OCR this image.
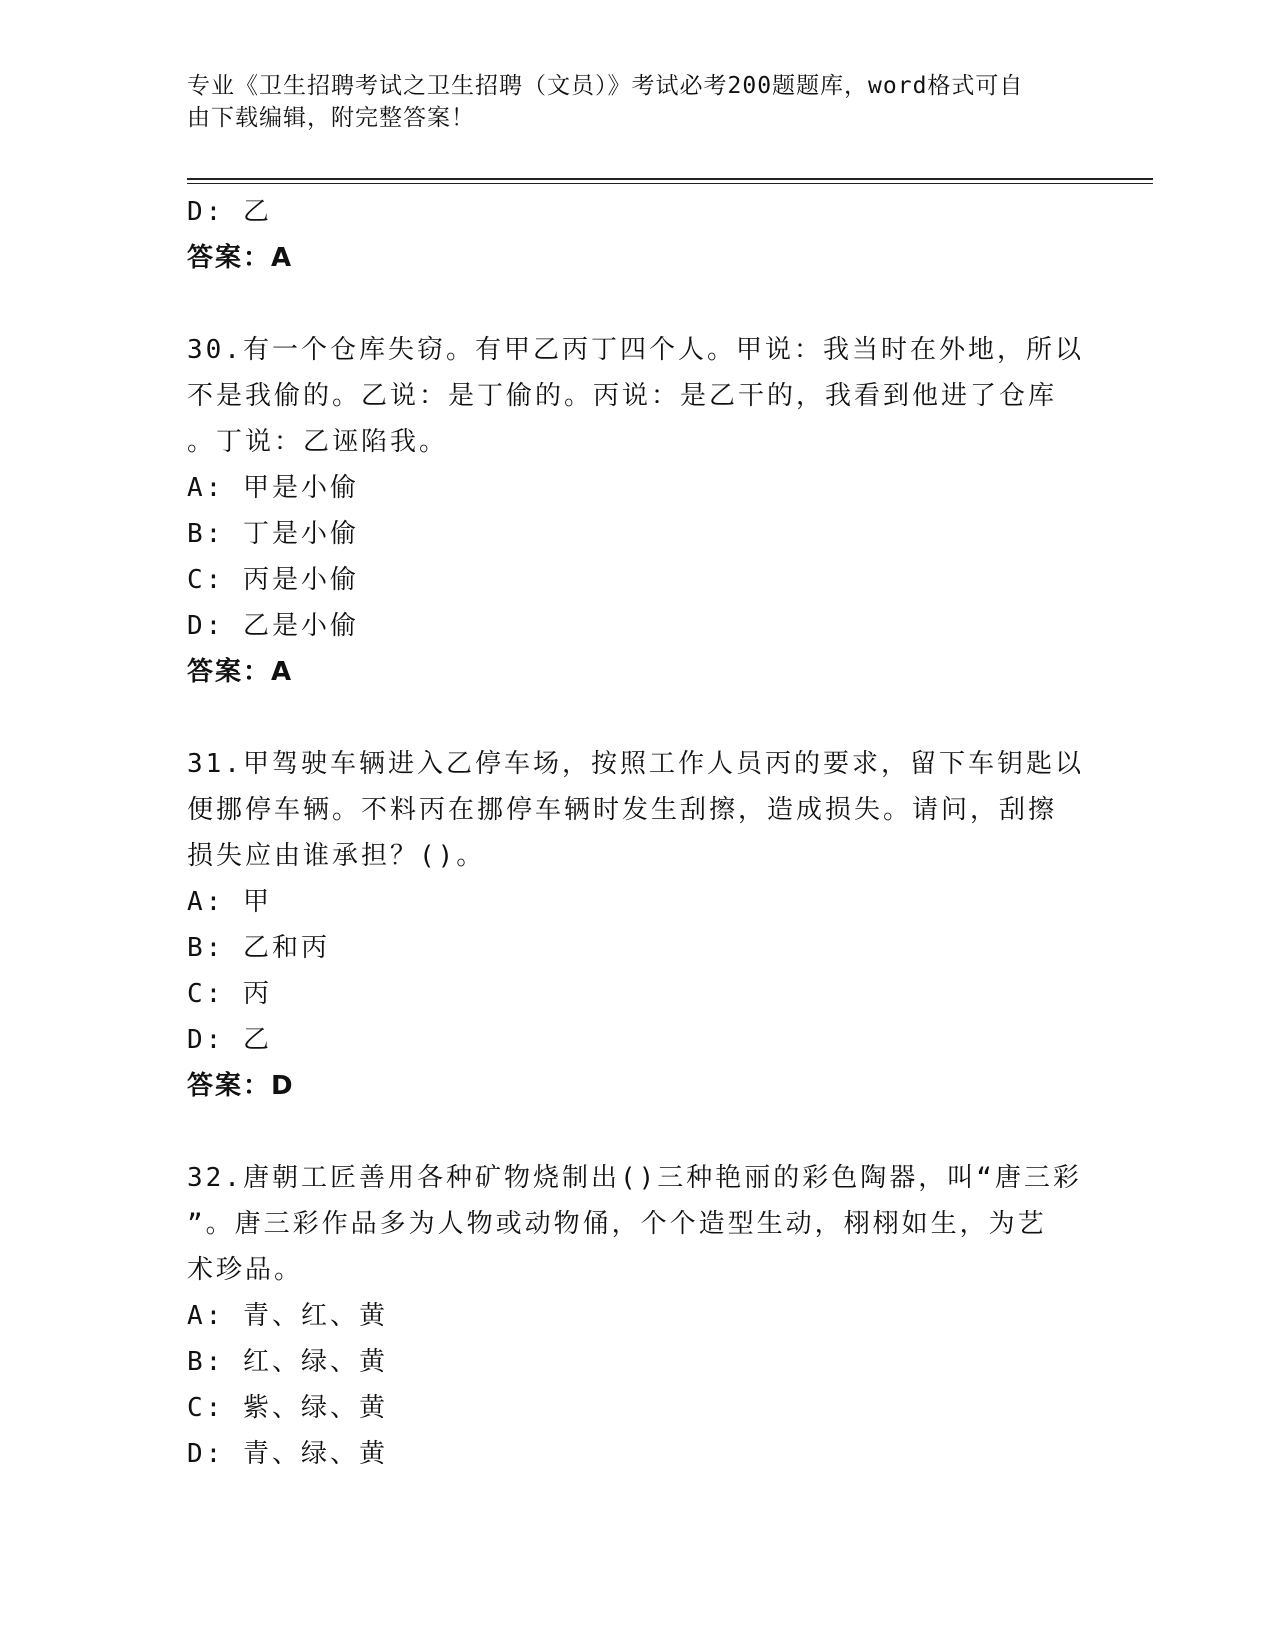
专业《卫生招聘考试之卫生招聘（文员）》考试必考200题题库，word格式可自
由下载编辑，附完整答案！
D: 乙
答案：A
30.有一个仓库失窃。有甲乙丙丁四个人。甲说：我当时在外地，所以
不是我偷的。乙说：是丁偷的。丙说：是乙干的，我看到他进了仓库
。丁说：乙诬陷我。
A: 甲是小偷
B: 丁是小偷
C: 丙是小偷
D: 乙是小偷
答案：A
31.甲驾驶车辆进入乙停车场，按照工作人员丙的要求，留下车钥匙以
便挪停车辆。不料丙在挪停车辆时发生刮擦，造成损失。请问，刮擦
损失应由谁承担？()。
A: 甲
B: 乙和丙
C: 丙
D: 乙
答案：D
32.唐朝工匠善用各种矿物烧制出()三种艳丽的彩色陶器，叫“唐三彩
”。唐三彩作品多为人物或动物俑，个个造型生动，栩栩如生，为艺
术珍品。
A: 青、红、黄
B: 红、绿、黄
C: 紫、绿、黄
D: 青、绿、黄
